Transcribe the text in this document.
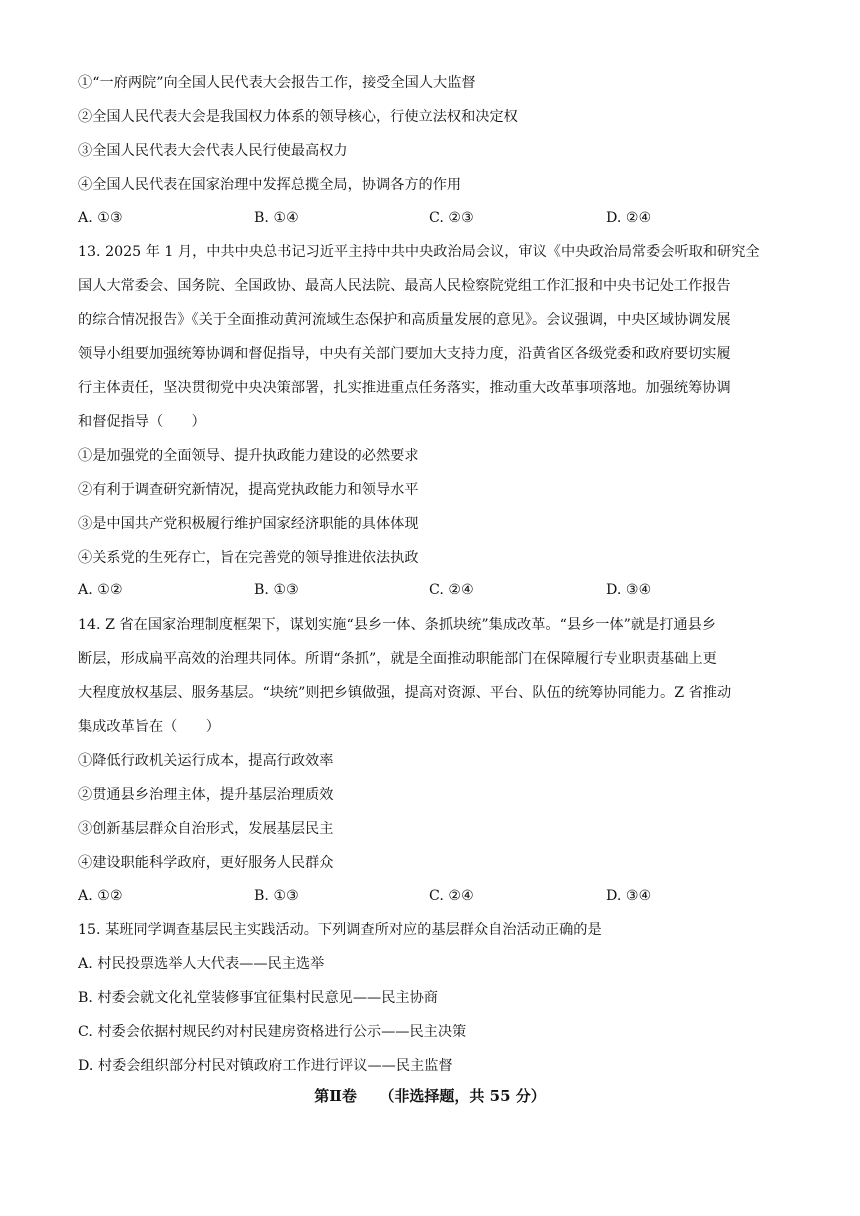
①“一府两院”向全国人民代表大会报告工作，接受全国人大监督
②全国人民代表大会是我国权力体系的领导核心，行使立法权和决定权
③全国人民代表大会代表人民行使最高权力
④全国人民代表在国家治理中发挥总揽全局，协调各方的作用
A. ①③	B. ①④	C. ②③	D. ②④
13. 2025 年 1 月，中共中央总书记习近平主持中共中央政治局会议，审议《中央政治局常委会听取和研究全
国人大常委会、国务院、全国政协、最高人民法院、最高人民检察院党组工作汇报和中央书记处工作报告
的综合情况报告》《关于全面推动黄河流域生态保护和高质量发展的意见》。会议强调，中央区域协调发展
领导小组要加强统筹协调和督促指导，中央有关部门要加大支持力度，沿黄省区各级党委和政府要切实履
行主体责任，坚决贯彻党中央决策部署，扎实推进重点任务落实，推动重大改革事项落地。加强统筹协调
和督促指导（　　）
①是加强党的全面领导、提升执政能力建设的必然要求
②有利于调查研究新情况，提高党执政能力和领导水平
③是中国共产党积极履行维护国家经济职能的具体体现
④关系党的生死存亡，旨在完善党的领导推进依法执政
A. ①②	B. ①③	C. ②④	D. ③④
14. Z 省在国家治理制度框架下，谋划实施“县乡一体、条抓块统”集成改革。“县乡一体”就是打通县乡
断层，形成扁平高效的治理共同体。所谓“条抓”，就是全面推动职能部门在保障履行专业职责基础上更
大程度放权基层、服务基层。“块统”则把乡镇做强，提高对资源、平台、队伍的统筹协同能力。Z 省推动
集成改革旨在（　　）
①降低行政机关运行成本，提高行政效率
②贯通县乡治理主体，提升基层治理质效
③创新基层群众自治形式，发展基层民主
④建设职能科学政府，更好服务人民群众
A. ①②	B. ①③	C. ②④	D. ③④
15. 某班同学调查基层民主实践活动。下列调查所对应的基层群众自治活动正确的是
A. 村民投票选举人大代表——民主选举
B. 村委会就文化礼堂装修事宜征集村民意见——民主协商
C. 村委会依据村规民约对村民建房资格进行公示——民主决策
D. 村委会组织部分村民对镇政府工作进行评议——民主监督
第Ⅱ卷　　（非选择题，共 55 分）
